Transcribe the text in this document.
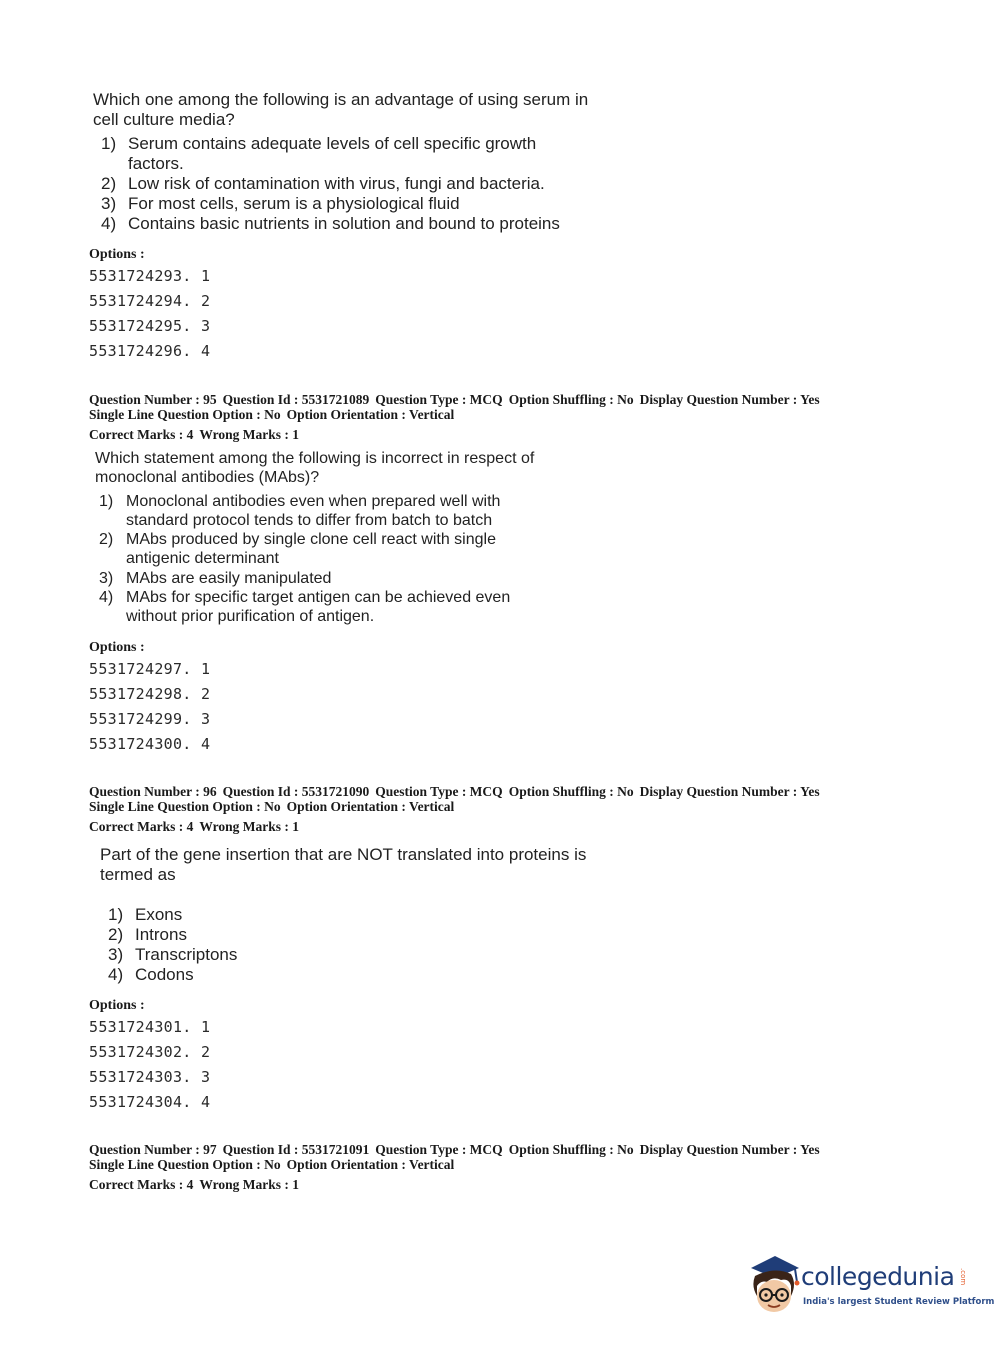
Which one among the following is an advantage of using serum in cell culture media?

1) Serum contains adequate levels of cell specific growth factors.
2) Low risk of contamination with virus, fungi and bacteria.
3) For most cells, serum is a physiological fluid
4) Contains basic nutrients in solution and bound to proteins
Options :
5531724293. 1
5531724294. 2
5531724295. 3
5531724296. 4
Question Number : 95 Question Id : 5531721089 Question Type : MCQ Option Shuffling : No Display Question Number : Yes
Single Line Question Option : No Option Orientation : Vertical
Correct Marks : 4 Wrong Marks : 1

Which statement among the following is incorrect in respect of monoclonal antibodies (MAbs)?

1) Monoclonal antibodies even when prepared well with standard protocol tends to differ from batch to batch
2) MAbs produced by single clone cell react with single antigenic determinant
3) MAbs are easily manipulated
4) MAbs for specific target antigen can be achieved even without prior purification of antigen.
Options :
5531724297. 1
5531724298. 2
5531724299. 3
5531724300. 4
Question Number : 96 Question Id : 5531721090 Question Type : MCQ Option Shuffling : No Display Question Number : Yes
Single Line Question Option : No Option Orientation : Vertical
Correct Marks : 4 Wrong Marks : 1

Part of the gene insertion that are NOT translated into proteins is termed as

1) Exons
2) Introns
3) Transcriptons
4) Codons
Options :
5531724301. 1
5531724302. 2
5531724303. 3
5531724304. 4
Question Number : 97 Question Id : 5531721091 Question Type : MCQ Option Shuffling : No Display Question Number : Yes
Single Line Question Option : No Option Orientation : Vertical
Correct Marks : 4 Wrong Marks : 1
collegedunia .com
India's largest Student Review Platform
